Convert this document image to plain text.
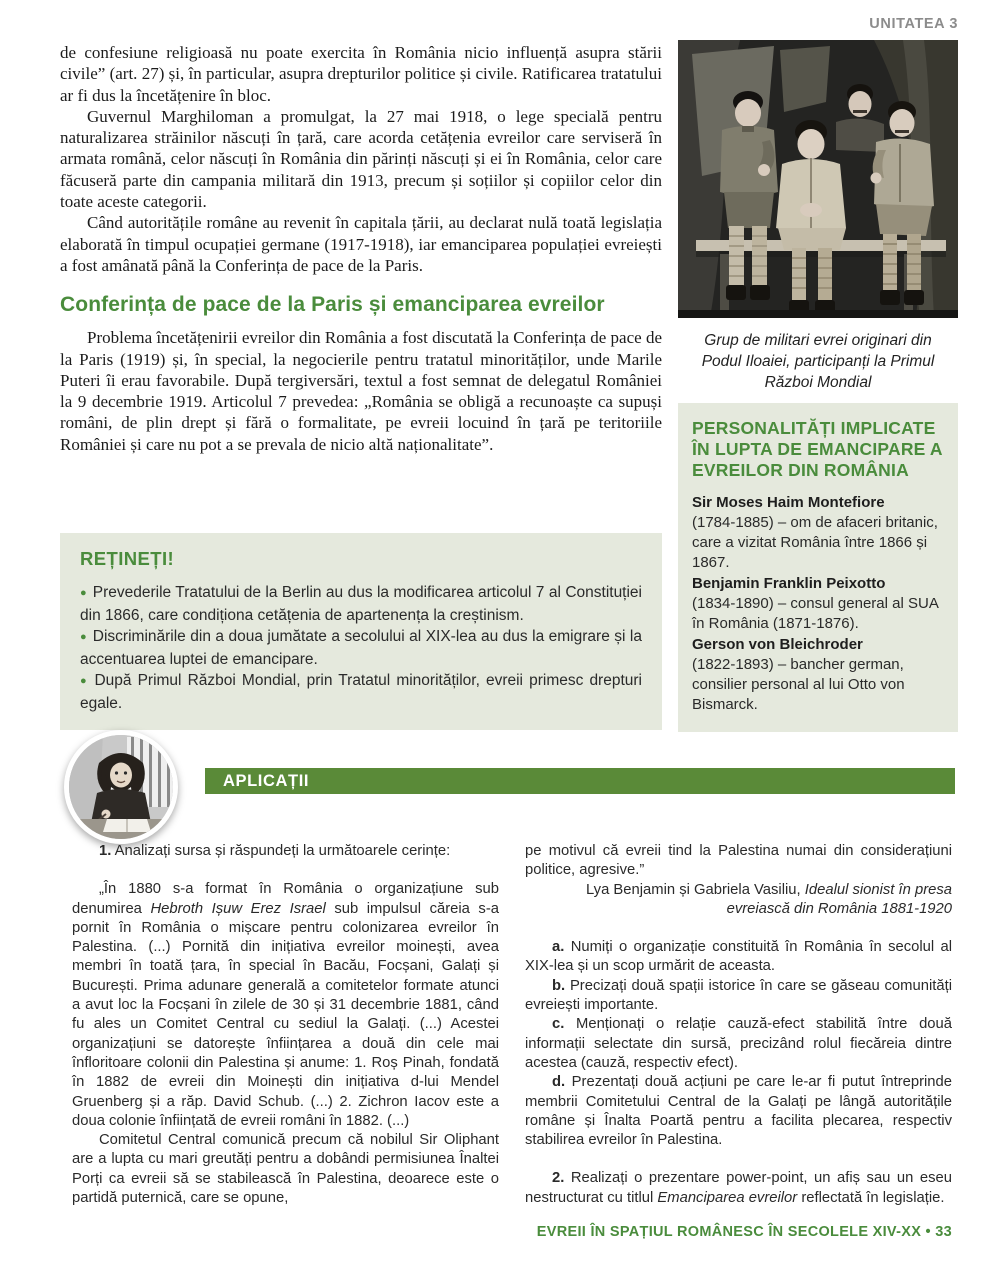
UNITATEA 3

de confesiune religioasă nu poate exercita în România nicio influență asupra stării civile” (art. 27) și, în particular, asupra drepturilor politice și civile. Ratificarea tratatului ar fi dus la încetățenire în bloc.

Guvernul Marghiloman a promulgat, la 27 mai 1918, o lege specială pentru naturalizarea străinilor născuți în țară, care acorda cetățenia evreilor care serviseră în armata română, celor născuți în România din părinți născuți și ei în România, celor care făcuseră parte din campania militară din 1913, precum și soțiilor și copiilor celor din toate aceste categorii.

Când autoritățile române au revenit în capitala țării, au declarat nulă toată legislația elaborată în timpul ocupației germane (1917-1918), iar emanciparea populației evreiești a fost amânată până la Conferința de pace de la Paris.

Conferința de pace de la Paris și emanciparea evreilor

Problema încetățenirii evreilor din România a fost discutată la Conferința de pace de la Paris (1919) și, în special, la negocierile pentru tratatul minorităților, unde Marile Puteri îi erau favorabile. După tergiversări, textul a fost semnat de delegatul României la 9 decembrie 1919. Articolul 7 prevedea: „România se obligă a recunoaște ca supuși români, de plin drept și fără o formalitate, pe evreii locuind în țară pe teritoriile României și care nu pot a se prevala de nicio altă naționalitate”.

REȚINEȚI!

● Prevederile Tratatului de la Berlin au dus la modificarea articolul 7 al Constituției din 1866, care condiționa cetățenia de apartenența la creștinism.

● Discriminările din a doua jumătate a secolului al XIX-lea au dus la emigrare și la accentuarea luptei de emancipare.

● După Primul Război Mondial, prin Tratatul minorităților, evreii primesc drepturi egale.

Grup de militari evrei originari din Podul Iloaiei, participanți la Primul Război Mondial

PERSONALITĂȚI IMPLICATE ÎN LUPTA DE EMANCIPARE A EVREILOR DIN ROMÂNIA
Sir Moses Haim Montefiore

(1784-1885) – om de afaceri britanic, care a vizitat România între 1866 și 1867.

Benjamin Franklin Peixotto

(1834-1890) – consul general al SUA în România (1871-1876).

Gerson von Bleichroder

(1822-1893) – bancher german, consilier personal al lui Otto von Bismarck.

APLICAȚII

1. Analizați sursa și răspundeți la următoarele cerințe:

„În 1880 s-a format în România o organizațiune sub denumirea Hebroth Ișuw Erez Israel sub impulsul căreia s-a pornit în România o mișcare pentru colonizarea evreilor în Palestina. (...) Pornită din inițiativa evreilor moinești, avea membri în toată țara, în special în Bacău, Focșani, Galați și București. Prima adunare generală a comitetelor formate atunci a avut loc la Focșani în zilele de 30 și 31 decembrie 1881, când fu ales un Comitet Central cu sediul la Galați. (...) Acestei organizațiuni se datorește înființarea a două din cele mai înfloritoare colonii din Palestina și anume: 1. Roș Pinah, fondată în 1882 de evreii din Moinești din inițiativa d-lui Mendel Gruenberg și a răp. David Schub. (...) 2. Zichron Iacov este a doua colonie înființată de evreii români în 1882. (...)

Comitetul Central comunică precum că nobilul Sir Oliphant are a lupta cu mari greutăți pentru a dobândi permisiunea Înaltei Porți ca evreii să se stabilească în Palestina, deoarece este o partidă puternică, care se opune,

pe motivul că evreii tind la Palestina numai din considerațiuni politice, agresive.”

Lya Benjamin și Gabriela Vasiliu, Idealul sionist în presa evreiască din România 1881-1920

a. Numiți o organizație constituită în România în secolul al XIX-lea și un scop urmărit de aceasta.

b. Precizați două spații istorice în care se găseau comunități evreiești importante.

c. Menționați o relație cauză-efect stabilită între două informații selectate din sursă, precizând rolul fiecăreia dintre acestea (cauză, respectiv efect).

d. Prezentați două acțiuni pe care le-ar fi putut întreprinde membrii Comitetului Central de la Galați pe lângă autoritățile române și Înalta Poartă pentru a facilita plecarea, respectiv stabilirea evreilor în Palestina.

2. Realizați o prezentare power-point, un afiș sau un eseu nestructurat cu titlul Emanciparea evreilor reflectată în legislație.

EVREII ÎN SPAȚIUL ROMÂNESC ÎN SECOLELE XIV-XX • 33
